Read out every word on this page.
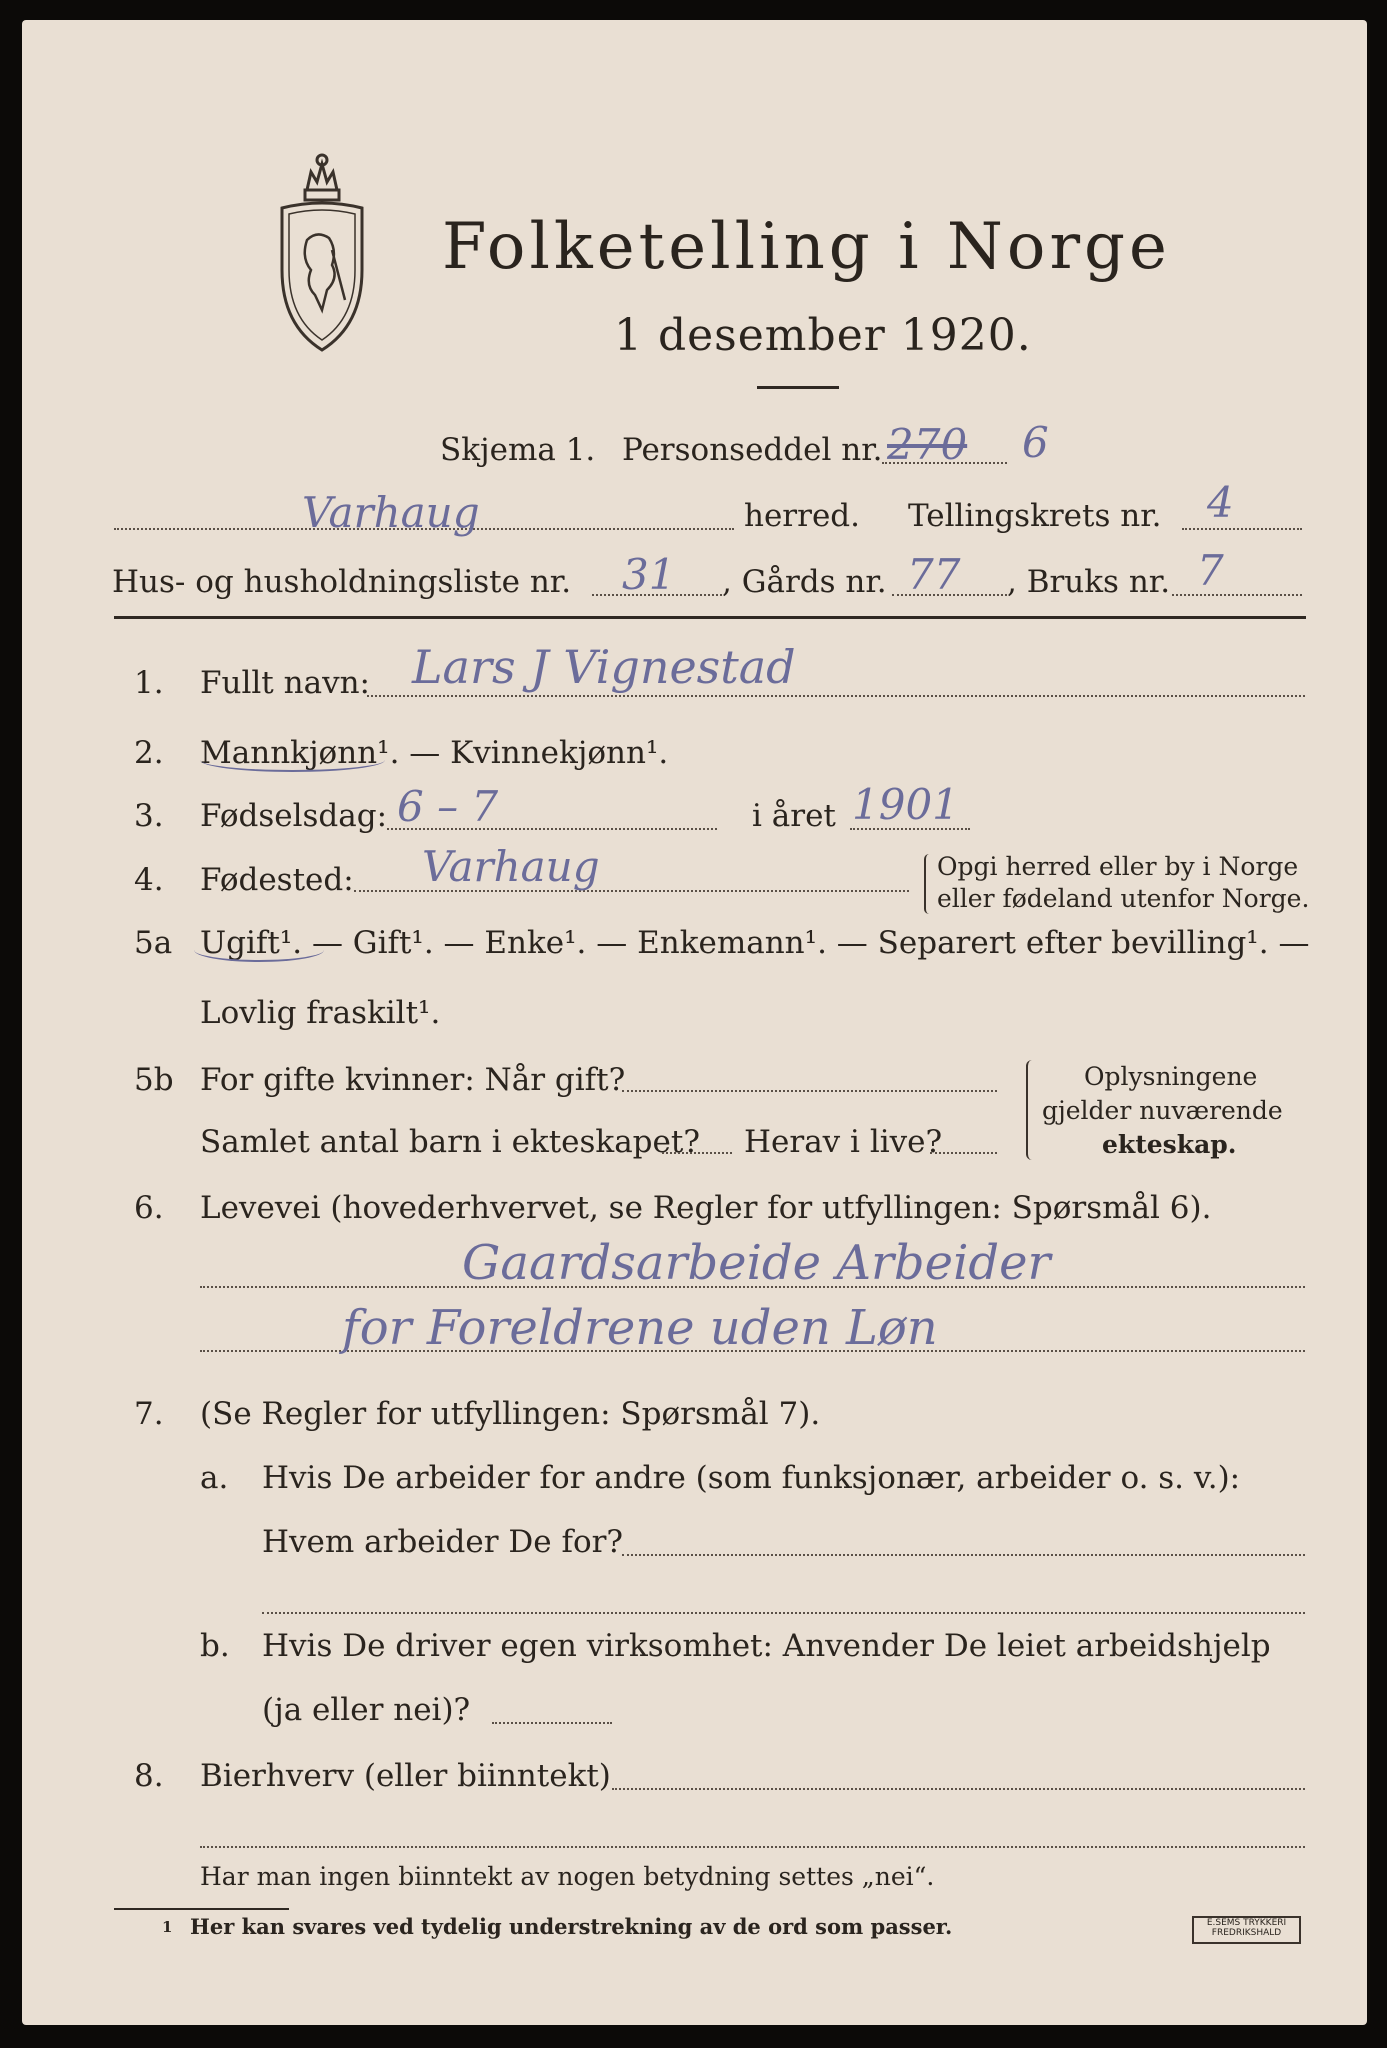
Folketelling i Norge
1 desember 1920.
Skjema 1. Personseddel nr. 270 6
Varhaug	herred. Tellingskrets nr. 4
Hus- og husholdningsliste nr. 31 , Gårds nr. 77 , Bruks nr. 7
1. Fullt navn: Lars J Vignestad
2. Mannkjønn¹. — Kvinnekjønn¹.
3. Fødselsdag: 6 – 7	i året 1901
4. Fødested: Varhaug	Opgi herred eller by i Norge
eller fødeland utenfor Norge.
5a Ugift¹. — Gift¹. — Enke¹. — Enkemann¹. — Separert efter bevilling¹. —
Lovlig fraskilt¹.
5b For gifte kvinner: Når gift?
Samlet antal barn i ekteskapet? Herav i live?
Oplysningene
gjelder nuværende
ekteskap.
6. Levevei (hovederhvervet, se Regler for utfyllingen: Spørsmål 6).
Gaardsarbeide Arbeider
for Foreldrene uden Løn
7. (Se Regler for utfyllingen: Spørsmål 7).
a. Hvis De arbeider for andre (som funksjonær, arbeider o. s. v.):
Hvem arbeider De for?
b. Hvis De driver egen virksomhet: Anvender De leiet arbeidshjelp
(ja eller nei)?
8. Bierhverv (eller biinntekt)
Har man ingen biinntekt av nogen betydning settes „nei“.
1 Her kan svares ved tydelig understrekning av de ord som passer.	E.SEMS TRYKKERI
FREDRIKSHALD
